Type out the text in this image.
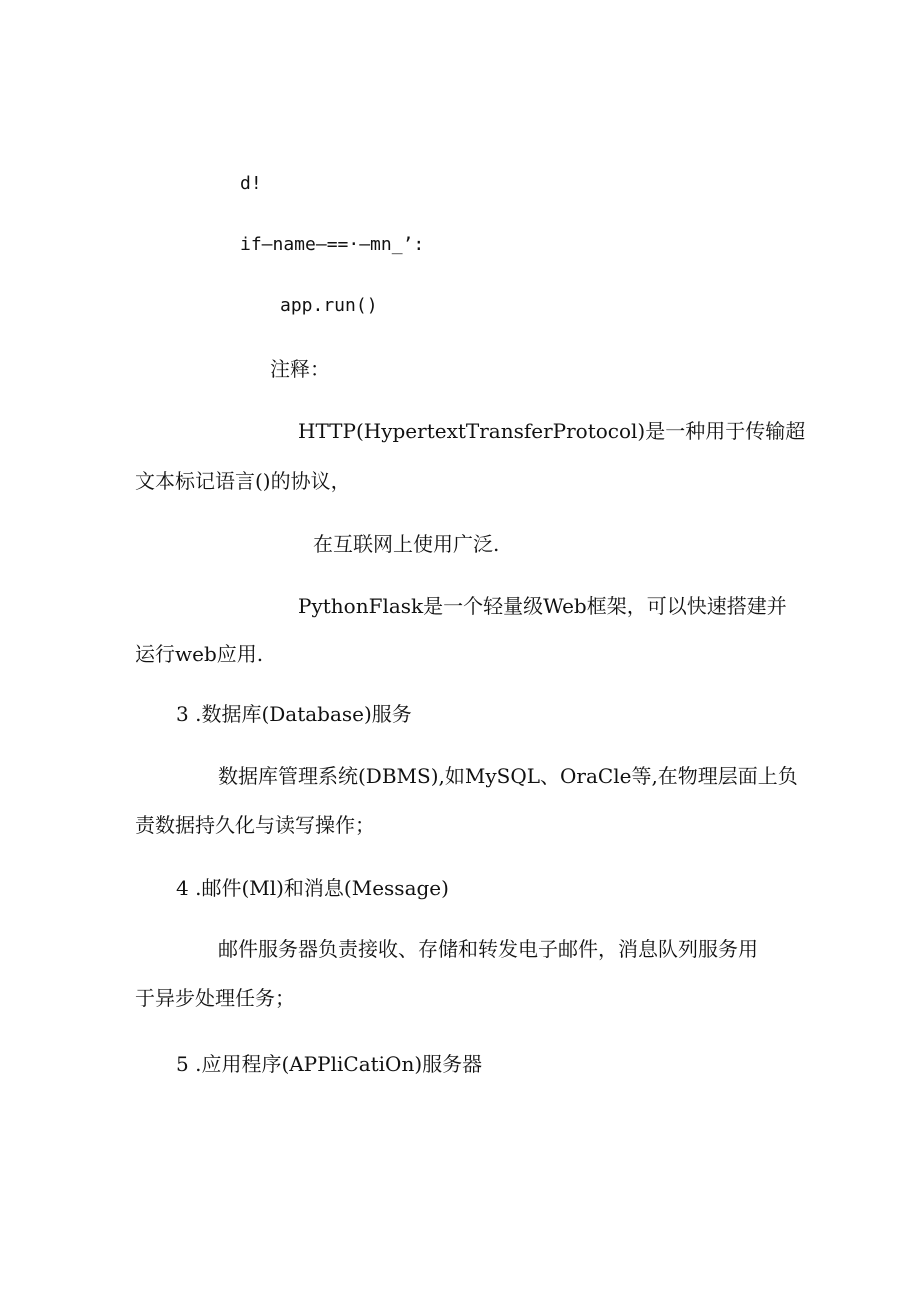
d!
if—name—==·—mn_’:
app.run()
注释：
HTTP(HypertextTransferProtocol)是一种用于传输超
文本标记语言()的协议，
在互联网上使用广泛.
PythonFlask是一个轻量级Web框架，可以快速搭建并
运行web应用.
3 .数据库(Database)服务
数据库管理系统(DBMS),如MySQL、OraCle等,在物理层面上负
责数据持久化与读写操作；
4 .邮件(Ml)和消息(Message)
邮件服务器负责接收、存储和转发电子邮件，消息队列服务用
于异步处理任务；
5 .应用程序(APPliCatiOn)服务器
